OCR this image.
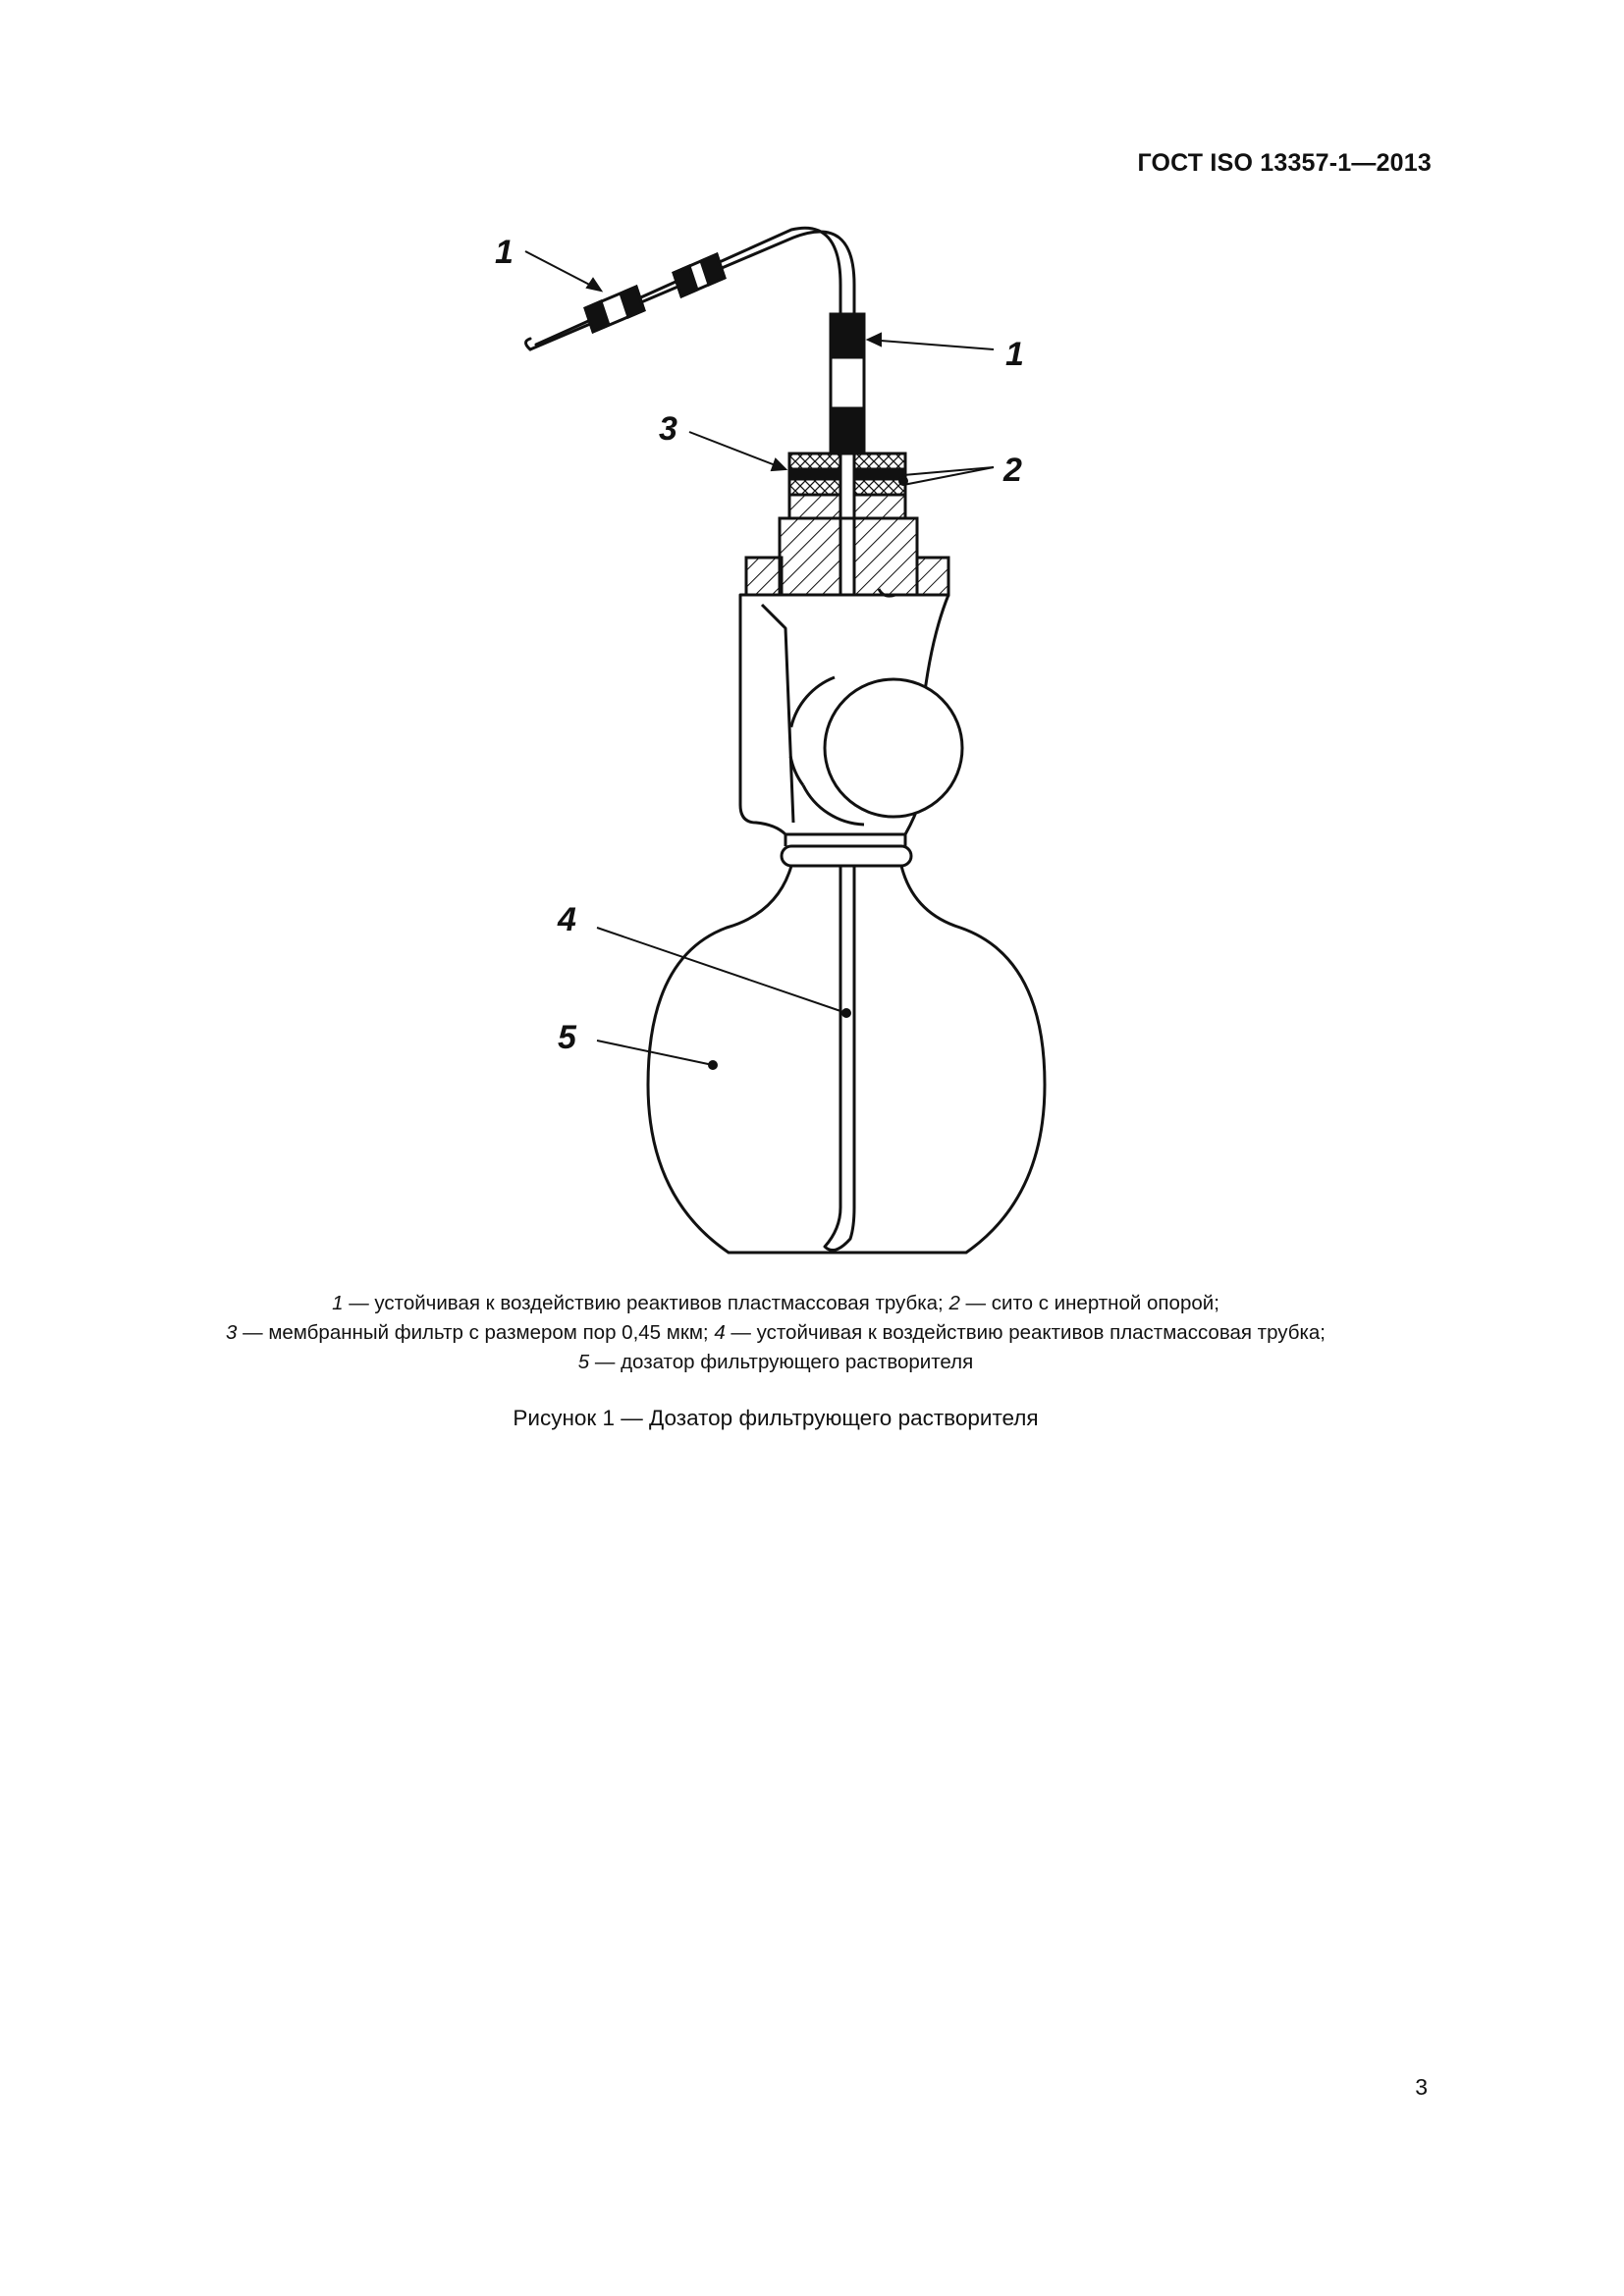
ГОСТ ISO 13357-1—2013
1
1
3
2
4
5
1 — устойчивая к воздействию реактивов пластмассовая трубка; 2 — сито с инертной опорой;
3 — мембранный фильтр с размером пор 0,45 мкм; 4 — устойчивая к воздействию реактивов пластмассовая трубка;
5 — дозатор фильтрующего растворителя
Рисунок 1 — Дозатор фильтрующего растворителя
3
